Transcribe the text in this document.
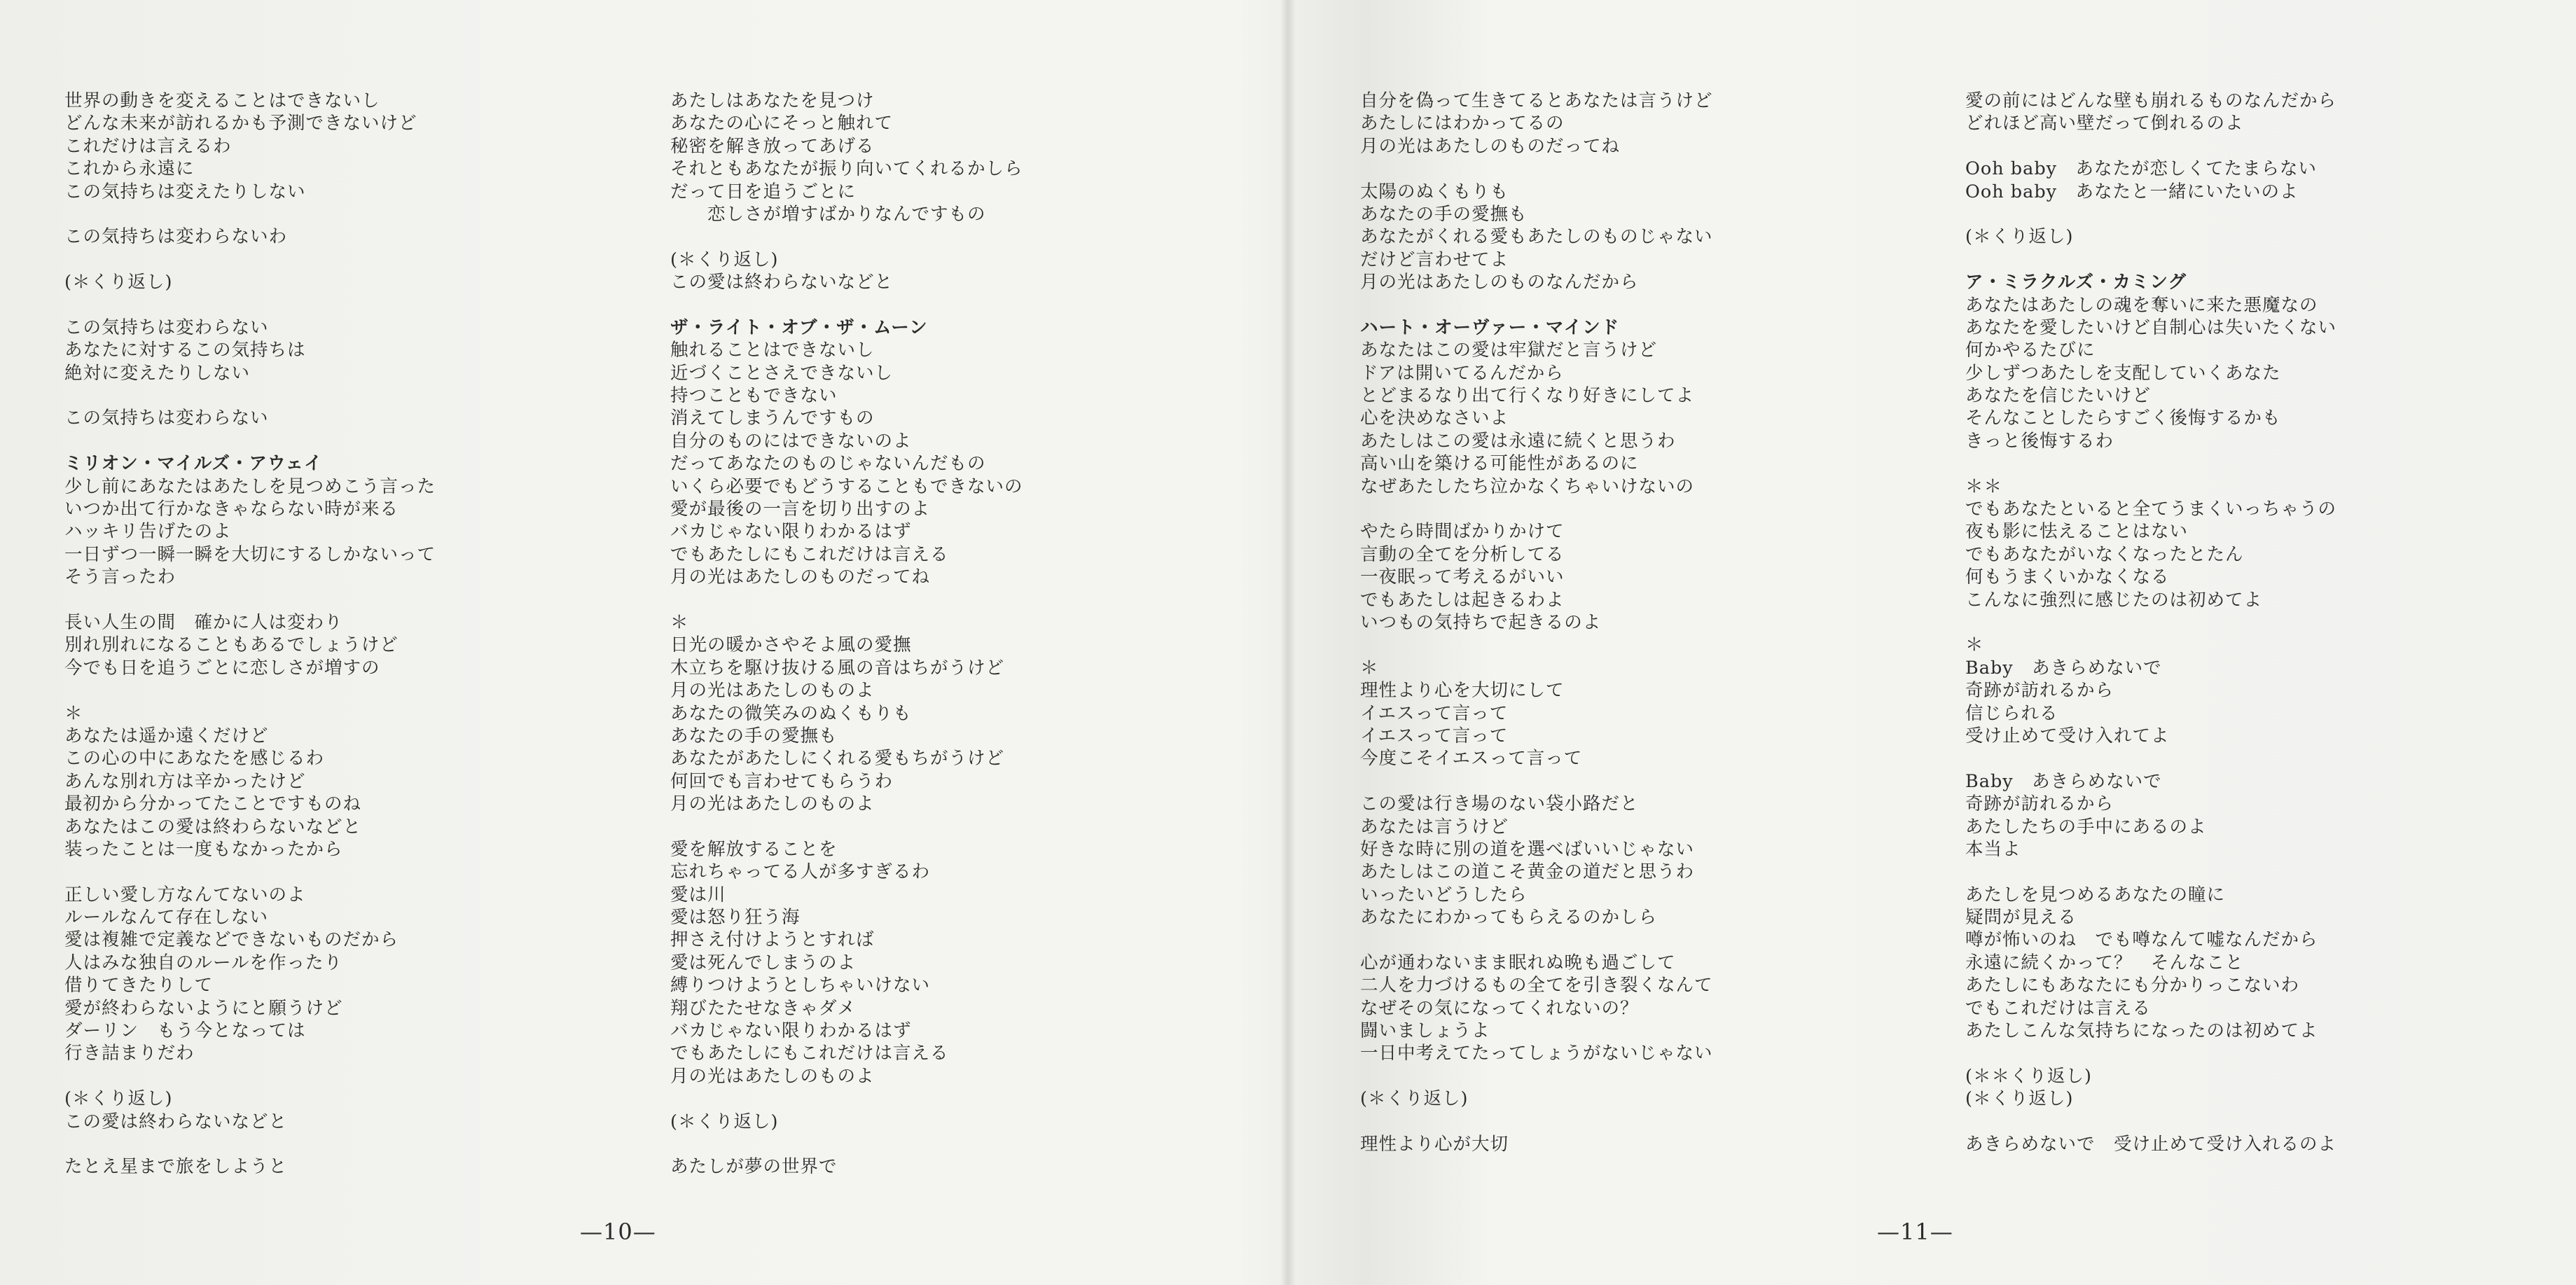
世界の動きを変えることはできないし
どんな未来が訪れるかも予測できないけど
これだけは言えるわ
これから永遠に
この気持ちは変えたりしない
この気持ちは変わらないわ
(＊くり返し)
この気持ちは変わらない
あなたに対するこの気持ちは
絶対に変えたりしない
この気持ちは変わらない
ミリオン・マイルズ・アウェイ
少し前にあなたはあたしを見つめこう言った
いつか出て行かなきゃならない時が来る
ハッキリ告げたのよ
一日ずつ一瞬一瞬を大切にするしかないって
そう言ったわ
長い人生の間　確かに人は変わり
別れ別れになることもあるでしょうけど
今でも日を追うごとに恋しさが増すの
＊
あなたは遥か遠くだけど
この心の中にあなたを感じるわ
あんな別れ方は辛かったけど
最初から分かってたことですものね
あなたはこの愛は終わらないなどと
装ったことは一度もなかったから
正しい愛し方なんてないのよ
ルールなんて存在しない
愛は複雑で定義などできないものだから
人はみな独自のルールを作ったり
借りてきたりして
愛が終わらないようにと願うけど
ダーリン　もう今となっては
行き詰まりだわ
(＊くり返し)
この愛は終わらないなどと
たとえ星まで旅をしようと
あたしはあなたを見つけ
あなたの心にそっと触れて
秘密を解き放ってあげる
それともあなたが振り向いてくれるかしら
だって日を追うごとに
　　恋しさが増すばかりなんですもの
(＊くり返し)
この愛は終わらないなどと
ザ・ライト・オブ・ザ・ムーン
触れることはできないし
近づくことさえできないし
持つこともできない
消えてしまうんですもの
自分のものにはできないのよ
だってあなたのものじゃないんだもの
いくら必要でもどうすることもできないの
愛が最後の一言を切り出すのよ
バカじゃない限りわかるはず
でもあたしにもこれだけは言える
月の光はあたしのものだってね
＊
日光の暖かさやそよ風の愛撫
木立ちを駆け抜ける風の音はちがうけど
月の光はあたしのものよ
あなたの微笑みのぬくもりも
あなたの手の愛撫も
あなたがあたしにくれる愛もちがうけど
何回でも言わせてもらうわ
月の光はあたしのものよ
愛を解放することを
忘れちゃってる人が多すぎるわ
愛は川
愛は怒り狂う海
押さえ付けようとすれば
愛は死んでしまうのよ
縛りつけようとしちゃいけない
翔びたたせなきゃダメ
バカじゃない限りわかるはず
でもあたしにもこれだけは言える
月の光はあたしのものよ
(＊くり返し)
あたしが夢の世界で
自分を偽って生きてるとあなたは言うけど
あたしにはわかってるの
月の光はあたしのものだってね
太陽のぬくもりも
あなたの手の愛撫も
あなたがくれる愛もあたしのものじゃない
だけど言わせてよ
月の光はあたしのものなんだから
ハート・オーヴァー・マインド
あなたはこの愛は牢獄だと言うけど
ドアは開いてるんだから
とどまるなり出て行くなり好きにしてよ
心を決めなさいよ
あたしはこの愛は永遠に続くと思うわ
高い山を築ける可能性があるのに
なぜあたしたち泣かなくちゃいけないの
やたら時間ばかりかけて
言動の全てを分析してる
一夜眠って考えるがいい
でもあたしは起きるわよ
いつもの気持ちで起きるのよ
＊
理性より心を大切にして
イエスって言って
イエスって言って
今度こそイエスって言って
この愛は行き場のない袋小路だと
あなたは言うけど
好きな時に別の道を選べばいいじゃない
あたしはこの道こそ黄金の道だと思うわ
いったいどうしたら
あなたにわかってもらえるのかしら
心が通わないまま眠れぬ晩も過ごして
二人を力づけるもの全てを引き裂くなんて
なぜその気になってくれないの？
闘いましょうよ
一日中考えてたってしょうがないじゃない
(＊くり返し)
理性より心が大切
愛の前にはどんな壁も崩れるものなんだから
どれほど高い壁だって倒れるのよ
Ooh baby　あなたが恋しくてたまらない
Ooh baby　あなたと一緒にいたいのよ
(＊くり返し)
ア・ミラクルズ・カミング
あなたはあたしの魂を奪いに来た悪魔なの
あなたを愛したいけど自制心は失いたくない
何かやるたびに
少しずつあたしを支配していくあなた
あなたを信じたいけど
そんなことしたらすごく後悔するかも
きっと後悔するわ
＊＊
でもあなたといると全てうまくいっちゃうの
夜も影に怯えることはない
でもあなたがいなくなったとたん
何もうまくいかなくなる
こんなに強烈に感じたのは初めてよ
＊
Baby　あきらめないで
奇跡が訪れるから
信じられる
受け止めて受け入れてよ
Baby　あきらめないで
奇跡が訪れるから
あたしたちの手中にあるのよ
本当よ
あたしを見つめるあなたの瞳に
疑問が見える
噂が怖いのね　でも噂なんて嘘なんだから
永遠に続くかって？　そんなこと
あたしにもあなたにも分かりっこないわ
でもこれだけは言える
あたしこんな気持ちになったのは初めてよ
(＊＊くり返し)
(＊くり返し)
あきらめないで　受け止めて受け入れるのよ
—10—	—11—
